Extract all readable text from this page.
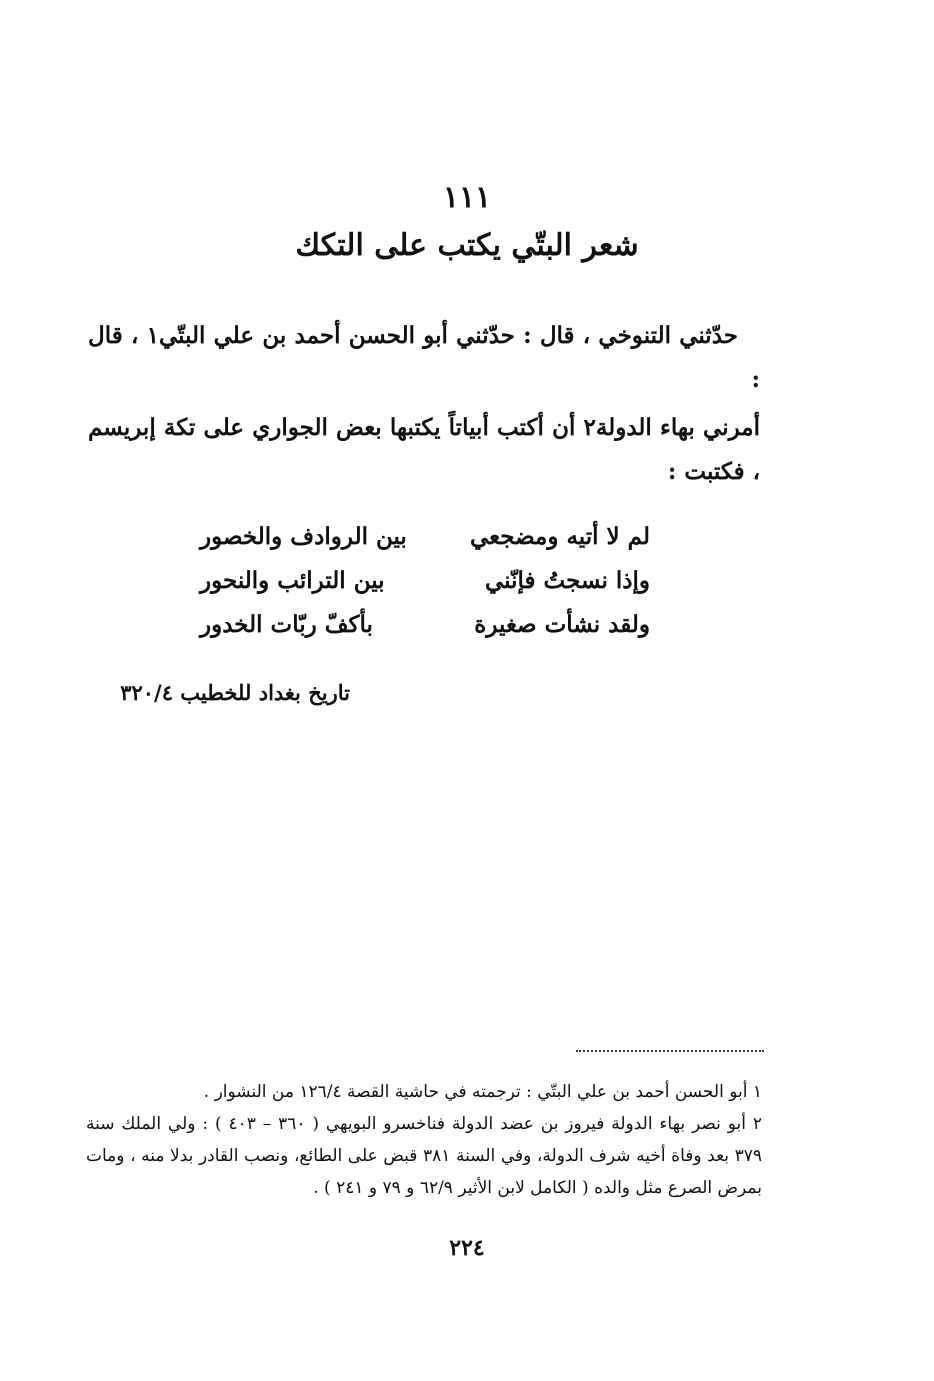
١١١
شعر البتّي يكتب على التكك

حدّثني التنوخي ، قال : حدّثني أبو الحسن أحمد بن علي البتّي١ ، قال :

أمرني بهاء الدولة٢ أن أكتب أبياتاً يكتبها بعض الجواري على تكة إبريسم ، فكتبت :

لم لا أتيه ومضجعي
بين الروادف والخصور
وإذا نسجتُ فإنّني
بين الترائب والنحور
ولقد نشأت صغيرة
بأكفّ ربّات الخدور
تاريخ بغداد للخطيب ٣٢٠/٤

١ أبو الحسن أحمد بن علي البتّي : ترجمته في حاشية القصة ١٢٦/٤ من النشوار .

٢ أبو نصر بهاء الدولة فيروز بن عضد الدولة فناخسرو البويهي ( ٣٦٠ – ٤٠٣ ) : ولي الملك سنة ٣٧٩ بعد وفاة أخيه شرف الدولة، وفي السنة ٣٨١ قبض على الطائع، ونصب القادر بدلا منه ، ومات بمرض الصرع مثل والده ( الكامل لابن الأثير ٦٢/٩ و ٧٩ و ٢٤١ ) .

٢٢٤
